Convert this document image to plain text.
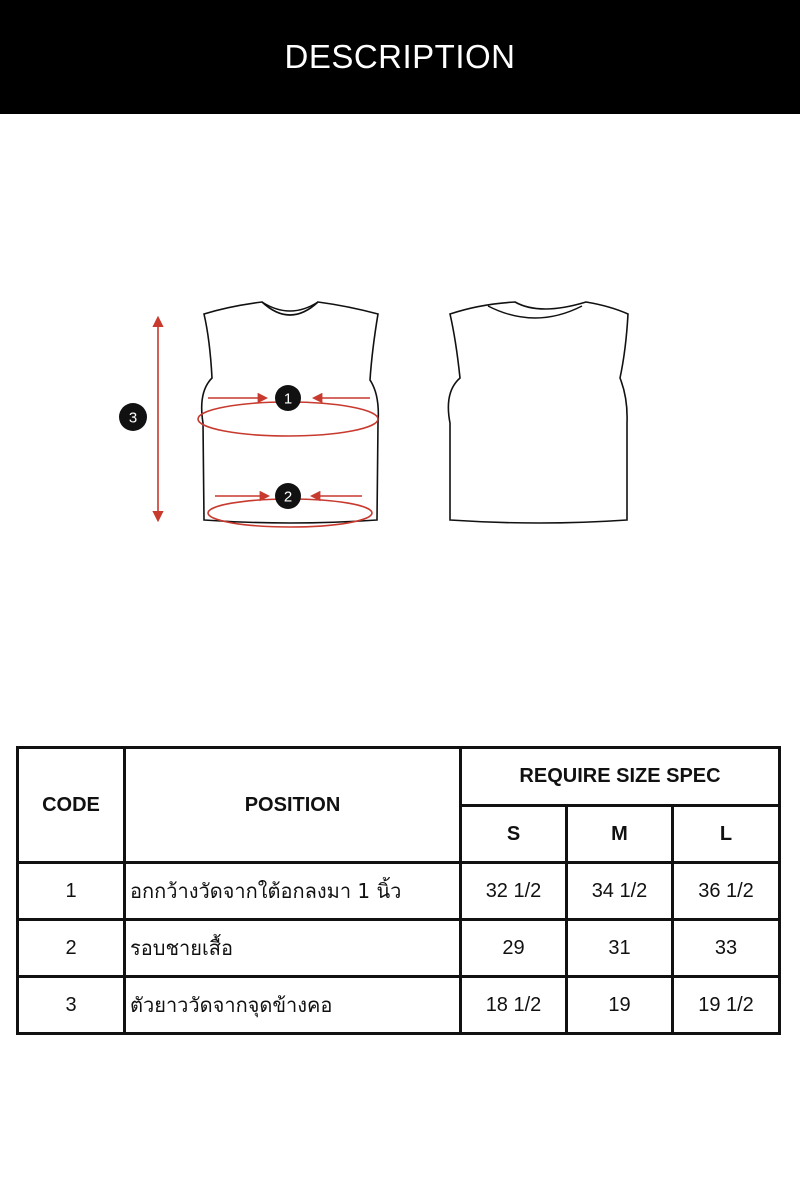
DESCRIPTION
1
2
3
CODE	POSITION	REQUIRE SIZE SPEC		
		S	M	L
1	อกกว้างวัดจากใต้อกลงมา 1 นิ้ว	32 1/2	34 1/2	36 1/2
2	รอบชายเสื้อ	29	31	33
3	ตัวยาววัดจากจุดข้างคอ	18 1/2	19	19 1/2
